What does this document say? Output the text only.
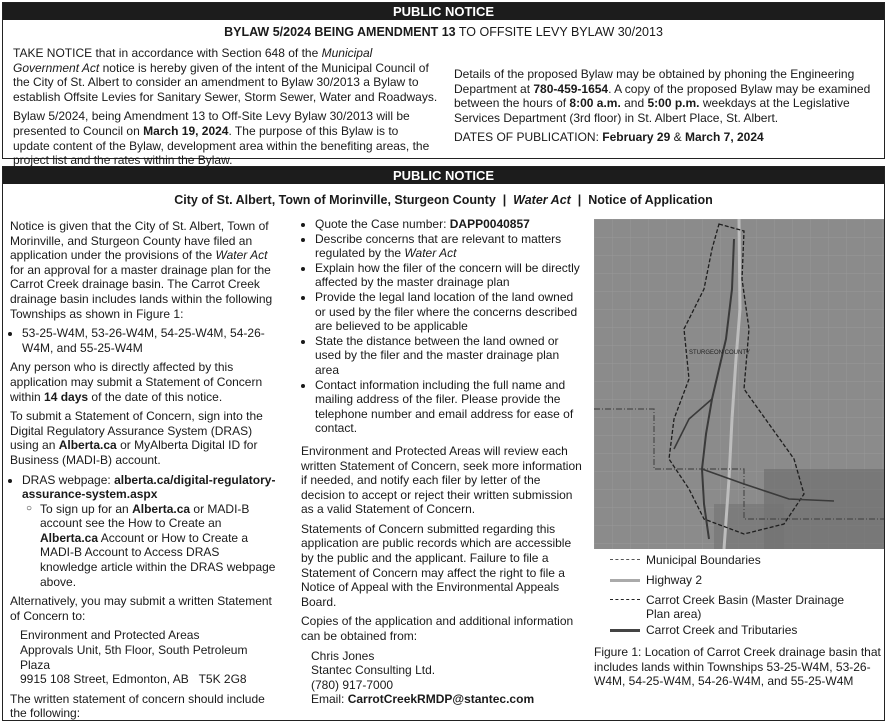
PUBLIC NOTICE
BYLAW 5/2024 BEING AMENDMENT 13 TO OFFSITE LEVY BYLAW 30/2013

TAKE NOTICE that in accordance with Section 648 of the Municipal Government Act notice is hereby given of the intent of the Municipal Council of the City of St. Albert to consider an amendment to Bylaw 30/2013 a Bylaw to establish Offsite Levies for Sanitary Sewer, Storm Sewer, Water and Roadways.

Bylaw 5/2024, being Amendment 13 to Off-Site Levy Bylaw 30/2013 will be presented to Council on March 19, 2024. The purpose of this Bylaw is to update content of the Bylaw, development area within the benefiting areas, the project list and the rates within the Bylaw.

Details of the proposed Bylaw may be obtained by phoning the Engineering Department at 780-459-1654. A copy of the proposed Bylaw may be examined between the hours of 8:00 a.m. and 5:00 p.m. weekdays at the Legislative Services Department (3rd floor) in St. Albert Place, St. Albert.

DATES OF PUBLICATION: February 29 & March 7, 2024

PUBLIC NOTICE
City of St. Albert, Town of Morinville, Sturgeon County  |  Water Act  |  Notice of Application

Notice is given that the City of St. Albert, Town of Morinville, and Sturgeon County have filed an application under the provisions of the Water Act for an approval for a master drainage plan for the Carrot Creek drainage basin. The Carrot Creek drainage basin includes lands within the following Townships as shown in Figure 1:

• 53-25-W4M, 53-26-W4M, 54-25-W4M, 54-26-W4M, and 55-25-W4M

Any person who is directly affected by this application may submit a Statement of Concern within 14 days of the date of this notice.

To submit a Statement of Concern, sign into the Digital Regulatory Assurance System (DRAS) using an Alberta.ca or MyAlberta Digital ID for Business (MADI-B) account.

• DRAS webpage: alberta.ca/digital-regulatory-assurance-system.aspx
○ To sign up for an Alberta.ca or MADI-B account see the How to Create an Alberta.ca Account or How to Create a MADI-B Account to Access DRAS knowledge article within the DRAS webpage above.

Alternatively, you may submit a written Statement of Concern to:

Environment and Protected Areas
Approvals Unit, 5th Floor, South Petroleum Plaza
9915 108 Street, Edmonton, AB   T5K 2G8

The written statement of concern should include the following:

• Quote the Case number: DAPP0040857
• Describe concerns that are relevant to matters regulated by the Water Act
• Explain how the filer of the concern will be directly affected by the master drainage plan
• Provide the legal land location of the land owned or used by the filer where the concerns described are believed to be applicable
• State the distance between the land owned or used by the filer and the master drainage plan area
• Contact information including the full name and mailing address of the filer. Please provide the telephone number and email address for ease of contact.

Environment and Protected Areas will review each written Statement of Concern, seek more information if needed, and notify each filer by letter of the decision to accept or reject their written submission as a valid Statement of Concern.

Statements of Concern submitted regarding this application are public records which are accessible by the public and the applicant. Failure to file a Statement of Concern may affect the right to file a Notice of Appeal with the Environmental Appeals Board.

Copies of the application and additional information can be obtained from:

Chris Jones
Stantec Consulting Ltd.
(780) 917-7000
Email: CarrotCreekRMDP@stantec.com

STURGEON COUNTY
Municipal Boundaries
Highway 2
Carrot Creek Basin (Master Drainage Plan area)
Carrot Creek and Tributaries

Figure 1: Location of Carrot Creek drainage basin that includes lands within Townships 53-25-W4M, 53-26-W4M, 54-25-W4M, 54-26-W4M, and 55-25-W4M
